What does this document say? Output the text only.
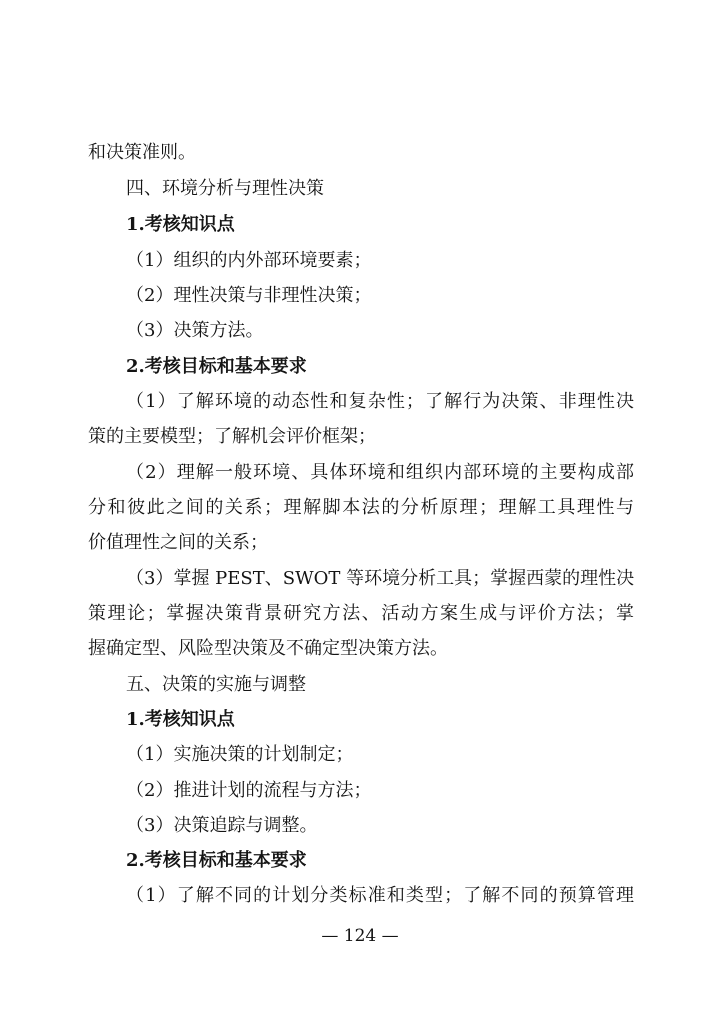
和决策准则。
四、环境分析与理性决策
1.考核知识点
（1）组织的内外部环境要素；
（2）理性决策与非理性决策；
（3）决策方法。
2.考核目标和基本要求
（1）了解环境的动态性和复杂性；了解行为决策、非理性决
策的主要模型；了解机会评价框架；
（2）理解一般环境、具体环境和组织内部环境的主要构成部
分和彼此之间的关系；理解脚本法的分析原理；理解工具理性与
价值理性之间的关系；
（3）掌握 PEST、SWOT 等环境分析工具；掌握西蒙的理性决
策理论；掌握决策背景研究方法、活动方案生成与评价方法；掌
握确定型、风险型决策及不确定型决策方法。
五、决策的实施与调整
1.考核知识点
（1）实施决策的计划制定；
（2）推进计划的流程与方法；
（3）决策追踪与调整。
2.考核目标和基本要求
（1）了解不同的计划分类标准和类型；了解不同的预算管理
— 124 —
